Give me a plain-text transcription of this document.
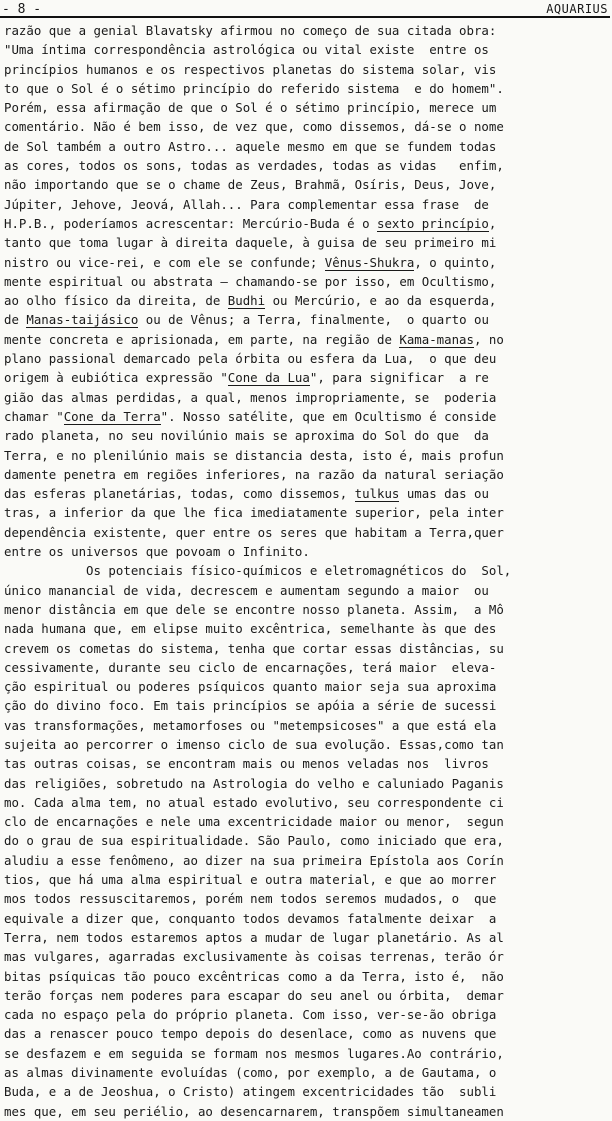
- 8 -	AQUARIUS
razão que a genial Blavatsky afirmou no começo de sua citada obra:
"Uma íntima correspondência astrológica ou vital existe  entre os
princípios humanos e os respectivos planetas do sistema solar, vis
to que o Sol é o sétimo princípio do referido sistema  e do homem".
Porém, essa afirmação de que o Sol é o sétimo princípio, merece um
comentário. Não é bem isso, de vez que, como dissemos, dá-se o nome
de Sol também a outro Astro... aquele mesmo em que se fundem todas
as cores, todos os sons, todas as verdades, todas as vidas   enfim,
não importando que se o chame de Zeus, Brahmã, Osíris, Deus, Jove,
Júpiter, Jehove, Jeová, Allah... Para complementar essa frase  de
H.P.B., poderíamos acrescentar: Mercúrio-Buda é o sexto princípio,
tanto que toma lugar à direita daquele, à guisa de seu primeiro mi
nistro ou vice-rei, e com ele se confunde; Vênus-Shukra, o quinto,
mente espiritual ou abstrata — chamando-se por isso, em Ocultismo,
ao olho físico da direita, de Budhi ou Mercúrio, e ao da esquerda,
de Manas-taijásico ou de Vênus; a Terra, finalmente,  o quarto ou
mente concreta e aprisionada, em parte, na região de Kama-manas, no
plano passional demarcado pela órbita ou esfera da Lua,  o que deu
origem à eubiótica expressão "Cone da Lua", para significar  a re
gião das almas perdidas, a qual, menos impropriamente, se  poderia
chamar "Cone da Terra". Nosso satélite, que em Ocultismo é conside
rado planeta, no seu novilúnio mais se aproxima do Sol do que  da
Terra, e no plenilúnio mais se distancia desta, isto é, mais profun
damente penetra em regiões inferiores, na razão da natural seriação
das esferas planetárias, todas, como dissemos, tulkus umas das ou
tras, a inferior da que lhe fica imediatamente superior, pela inter
dependência existente, quer entre os seres que habitam a Terra,quer
entre os universos que povoam o Infinito.
Os potenciais físico-químicos e eletromagnéticos do  Sol,
único manancial de vida, decrescem e aumentam segundo a maior  ou
menor distância em que dele se encontre nosso planeta. Assim,  a Mô
nada humana que, em elipse muito excêntrica, semelhante às que des
crevem os cometas do sistema, tenha que cortar essas distâncias, su
cessivamente, durante seu ciclo de encarnações, terá maior  eleva-
ção espiritual ou poderes psíquicos quanto maior seja sua aproxima
ção do divino foco. Em tais princípios se apóia a série de sucessi
vas transformações, metamorfoses ou "metempsicoses" a que está ela
sujeita ao percorrer o imenso ciclo de sua evolução. Essas,como tan
tas outras coisas, se encontram mais ou menos veladas nos  livros
das religiões, sobretudo na Astrologia do velho e caluniado Paganis
mo. Cada alma tem, no atual estado evolutivo, seu correspondente ci
clo de encarnações e nele uma excentricidade maior ou menor,  segun
do o grau de sua espiritualidade. São Paulo, como iniciado que era,
aludiu a esse fenômeno, ao dizer na sua primeira Epístola aos Corín
tios, que há uma alma espiritual e outra material, e que ao morrer
mos todos ressuscitaremos, porém nem todos seremos mudados, o  que
equivale a dizer que, conquanto todos devamos fatalmente deixar  a
Terra, nem todos estaremos aptos a mudar de lugar planetário. As al
mas vulgares, agarradas exclusivamente às coisas terrenas, terão ór
bitas psíquicas tão pouco excêntricas como a da Terra, isto é,  não
terão forças nem poderes para escapar do seu anel ou órbita,  demar
cada no espaço pela do próprio planeta. Com isso, ver-se-ão obriga
das a renascer pouco tempo depois do desenlace, como as nuvens que
se desfazem e em seguida se formam nos mesmos lugares.Ao contrário,
as almas divinamente evoluídas (como, por exemplo, a de Gautama, o
Buda, e a de Jeoshua, o Cristo) atingem excentricidades tão  subli
mes que, em seu periélio, ao desencarnarem, transpõem simultaneamen
